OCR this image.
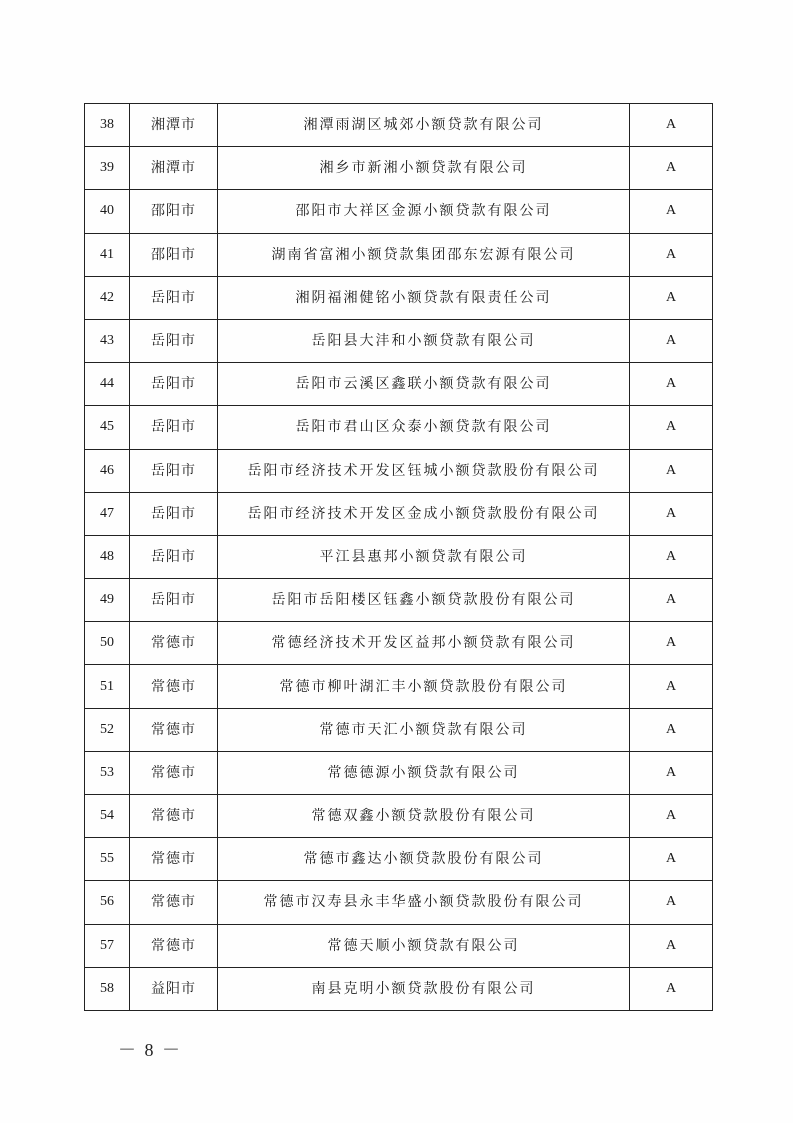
38	湘潭市	湘潭雨湖区城郊小额贷款有限公司	A
39	湘潭市	湘乡市新湘小额贷款有限公司	A
40	邵阳市	邵阳市大祥区金源小额贷款有限公司	A
41	邵阳市	湖南省富湘小额贷款集团邵东宏源有限公司	A
42	岳阳市	湘阴福湘健铭小额贷款有限责任公司	A
43	岳阳市	岳阳县大沣和小额贷款有限公司	A
44	岳阳市	岳阳市云溪区鑫联小额贷款有限公司	A
45	岳阳市	岳阳市君山区众泰小额贷款有限公司	A
46	岳阳市	岳阳市经济技术开发区钰城小额贷款股份有限公司	A
47	岳阳市	岳阳市经济技术开发区金成小额贷款股份有限公司	A
48	岳阳市	平江县惠邦小额贷款有限公司	A
49	岳阳市	岳阳市岳阳楼区钰鑫小额贷款股份有限公司	A
50	常德市	常德经济技术开发区益邦小额贷款有限公司	A
51	常德市	常德市柳叶湖汇丰小额贷款股份有限公司	A
52	常德市	常德市天汇小额贷款有限公司	A
53	常德市	常德德源小额贷款有限公司	A
54	常德市	常德双鑫小额贷款股份有限公司	A
55	常德市	常德市鑫达小额贷款股份有限公司	A
56	常德市	常德市汉寿县永丰华盛小额贷款股份有限公司	A
57	常德市	常德天顺小额贷款有限公司	A
58	益阳市	南县克明小额贷款股份有限公司	A
－ 8 －
